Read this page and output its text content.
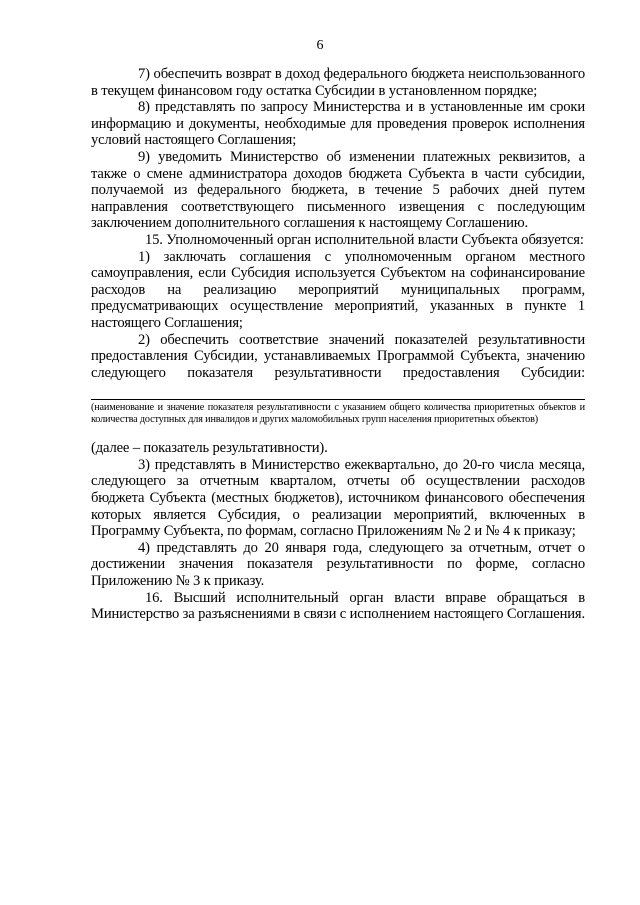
6

7) обеспечить возврат в доход федерального бюджета неиспользованного в текущем финансовом году остатка Субсидии в установленном порядке;

8) представлять по запросу Министерства и в установленные им сроки информацию и документы, необходимые для проведения проверок исполнения условий настоящего Соглашения;

9) уведомить Министерство об изменении платежных реквизитов, а также о смене администратора доходов бюджета Субъекта в части субсидии, получаемой из федерального бюджета, в течение 5 рабочих дней путем направления соответствующего письменного извещения с последующим заключением дополнительного соглашения к настоящему Соглашению.

15. Уполномоченный орган исполнительной власти Субъекта обязуется:

1) заключать соглашения с уполномоченным органом местного самоуправления, если Субсидия используется Субъектом на софинансирование расходов на реализацию мероприятий муниципальных программ, предусматривающих осуществление мероприятий, указанных в пункте 1 настоящего Соглашения;

2) обеспечить соответствие значений показателей результативности предоставления Субсидии, устанавливаемых Программой Субъекта, значению следующего показателя результативности предоставления Субсидии:

(наименование и значение показателя результативности с указанием общего количества приоритетных объектов и количества доступных для инвалидов и других маломобильных групп населения приоритетных объектов)

(далее – показатель результативности).

3) представлять в Министерство ежеквартально, до 20-го числа месяца, следующего за отчетным кварталом, отчеты об осуществлении расходов бюджета Субъекта (местных бюджетов), источником финансового обеспечения которых является Субсидия, о реализации мероприятий, включенных в Программу Субъекта, по формам, согласно Приложениям № 2 и № 4 к приказу;

4) представлять до 20 января года, следующего за отчетным, отчет о достижении значения показателя результативности по форме, согласно Приложению № 3 к приказу.

16. Высший исполнительный орган власти вправе обращаться в Министерство за разъяснениями в связи с исполнением настоящего Соглашения.
